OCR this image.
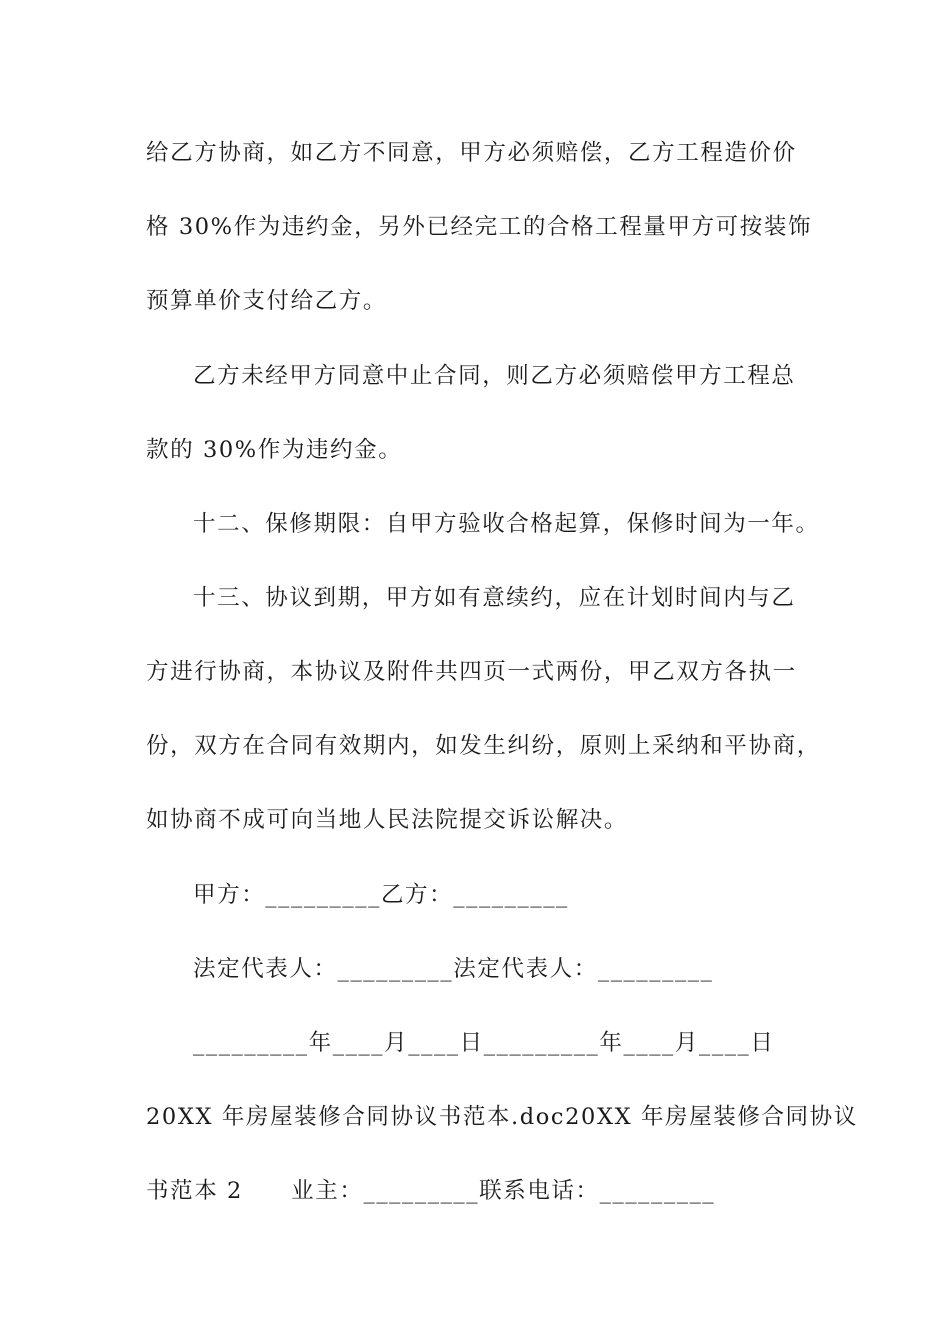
给乙方协商，如乙方不同意，甲方必须赔偿，乙方工程造价价
格 30%作为违约金，另外已经完工的合格工程量甲方可按装饰
预算单价支付给乙方。
乙方未经甲方同意中止合同，则乙方必须赔偿甲方工程总
款的 30%作为违约金。
十二、保修期限：自甲方验收合格起算，保修时间为一年。
十三、协议到期，甲方如有意续约，应在计划时间内与乙
方进行协商，本协议及附件共四页一式两份，甲乙双方各执一
份，双方在合同有效期内，如发生纠纷，原则上采纳和平协商，
如协商不成可向当地人民法院提交诉讼解决。
甲方：_________乙方：_________
法定代表人：_________法定代表人：_________
_________年____月____日_________年____月____日
20XX 年房屋装修合同协议书范本.doc20XX 年房屋装修合同协议
书范本 2　　业主：_________联系电话：_________
